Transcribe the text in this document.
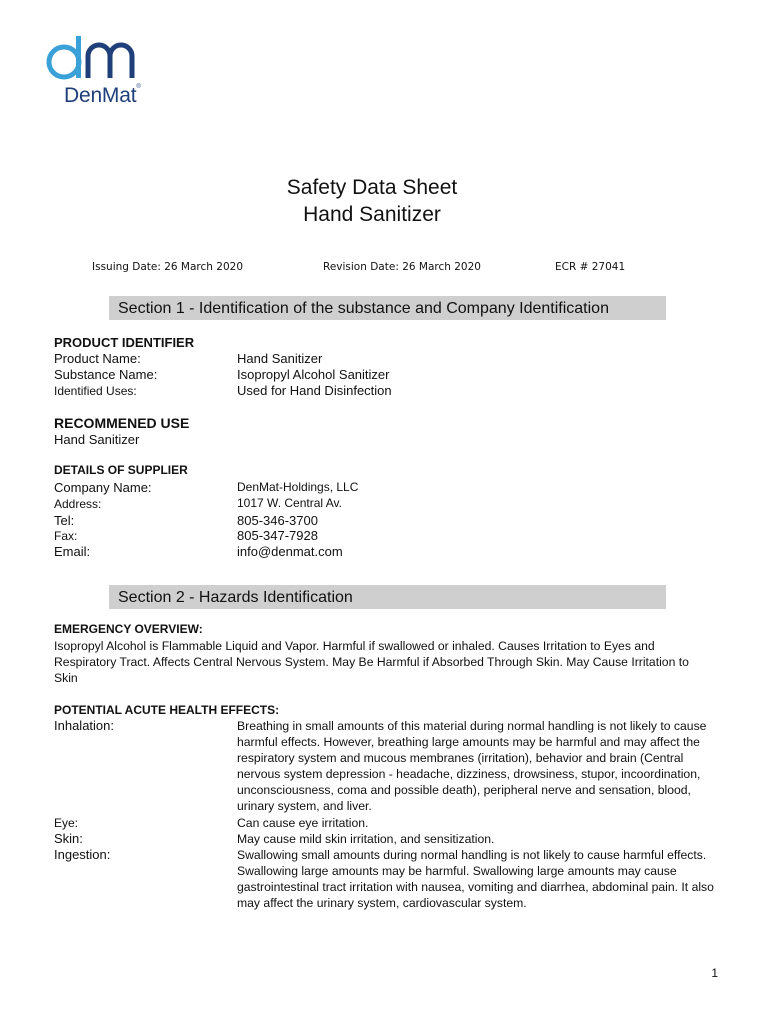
DenMat®
Safety Data Sheet
Hand Sanitizer
Issuing Date: 26 March 2020	Revision Date: 26 March 2020	ECR # 27041
Section 1 - Identification of the substance and Company Identification
PRODUCT IDENTIFIER
Product Name:	Hand Sanitizer
Substance Name:	Isopropyl Alcohol Sanitizer
Identified Uses:	Used for Hand Disinfection
RECOMMENED USE
Hand Sanitizer
DETAILS OF SUPPLIER
Company Name:	DenMat-Holdings, LLC
Address:	1017 W. Central Av.
Tel:	805-346-3700
Fax:	805-347-7928
Email:	info@denmat.com
Section 2 - Hazards Identification
EMERGENCY OVERVIEW:
Isopropyl Alcohol is Flammable Liquid and Vapor. Harmful if swallowed or inhaled. Causes Irritation to Eyes and Respiratory Tract. Affects Central Nervous System. May Be Harmful if Absorbed Through Skin. May Cause Irritation to Skin
POTENTIAL ACUTE HEALTH EFFECTS:
Inhalation:	Breathing in small amounts of this material during normal handling is not likely to cause harmful effects. However, breathing large amounts may be harmful and may affect the respiratory system and mucous membranes (irritation), behavior and brain (Central nervous system depression - headache, dizziness, drowsiness, stupor, incoordination, unconsciousness, coma and possible death), peripheral nerve and sensation, blood, urinary system, and liver.
Eye:	Can cause eye irritation.
Skin:	May cause mild skin irritation, and sensitization.
Ingestion:	Swallowing small amounts during normal handling is not likely to cause harmful effects. Swallowing large amounts may be harmful. Swallowing large amounts may cause gastrointestinal tract irritation with nausea, vomiting and diarrhea, abdominal pain. It also may affect the urinary system, cardiovascular system.
1
